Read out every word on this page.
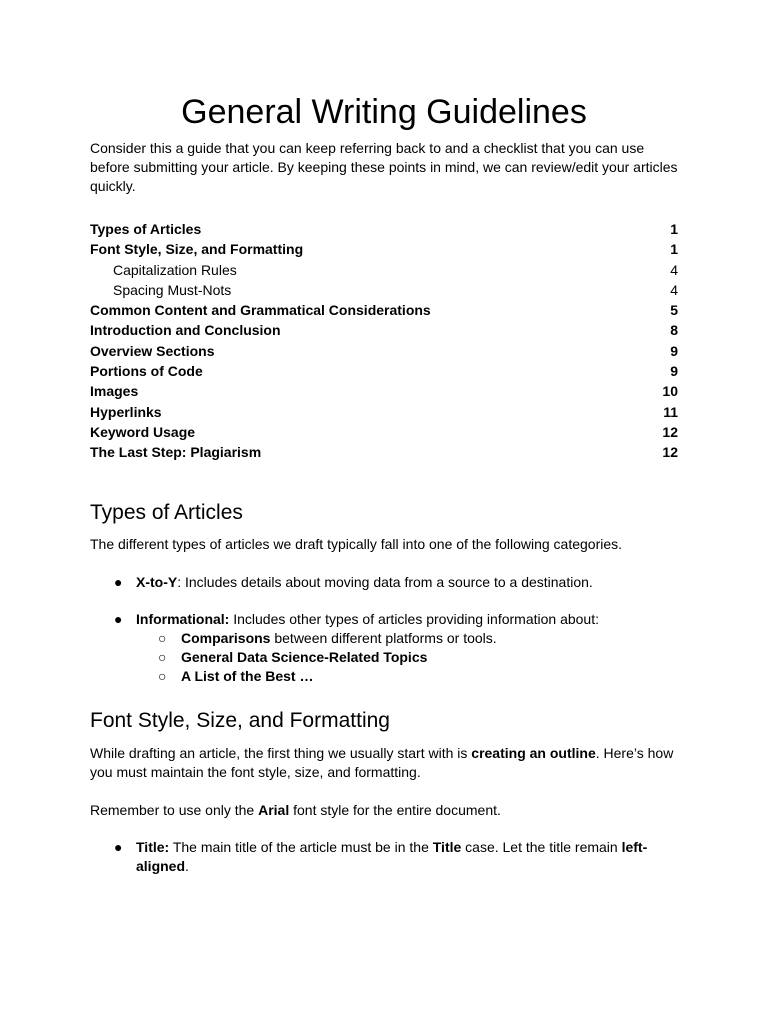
General Writing Guidelines

Consider this a guide that you can keep referring back to and a checklist that you can use before submitting your article. By keeping these points in mind, we can review/edit your articles quickly.

Types of Articles	1
Font Style, Size, and Formatting	1
Capitalization Rules	4
Spacing Must-Nots	4
Common Content and Grammatical Considerations	5
Introduction and Conclusion	8
Overview Sections	9
Portions of Code	9
Images	10
Hyperlinks	11
Keyword Usage	12
The Last Step: Plagiarism	12
Types of Articles

The different types of articles we draft typically fall into one of the following categories.

● X-to-Y: Includes details about moving data from a source to a destination.

● Informational: Includes other types of articles providing information about:

○ Comparisons between different platforms or tools.

○ General Data Science-Related Topics

○ A List of the Best …

Font Style, Size, and Formatting

While drafting an article, the first thing we usually start with is creating an outline. Here’s how you must maintain the font style, size, and formatting.

Remember to use only the Arial font style for the entire document.

● Title: The main title of the article must be in the Title case. Let the title remain left-aligned.
